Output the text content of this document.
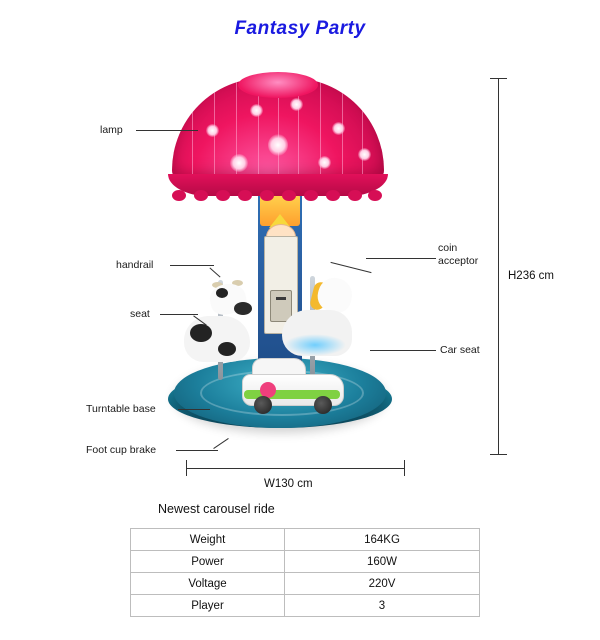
Fantasy Party
lamp
handrail
seat
Turntable base
Foot cup brake
coin
acceptor
Car seat
H236 cm
W130 cm
Newest carousel ride
Weight	164KG
Power	160W
Voltage	220V
Player	3
